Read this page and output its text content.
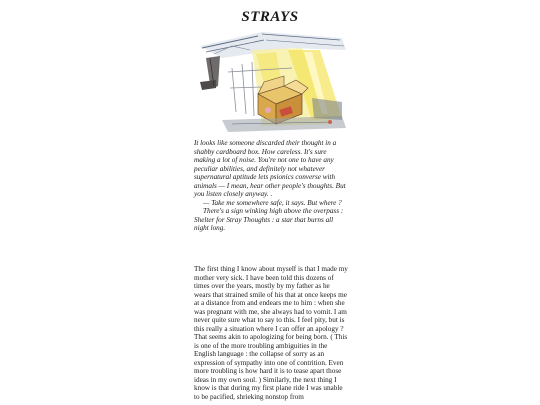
STRAYS

It looks like someone discarded their thought in a shabby cardboard box. How careless. It's sure making a lot of noise. You're not one to have any peculiar abilities, and definitely not whatever supernatural aptitude lets psionics converse with animals — I mean, hear other people's thoughts. But you listen closely anyway. .

— Take me somewhere safe, it says. But where ?

There's a sign winking high above the overpass : Shelter for Stray Thoughts : a star that burns all night long.

The first thing I know about myself is that I made my mother very sick. I have been told this dozens of times over the years, mostly by my father as he wears that strained smile of his that at once keeps me at a distance from and endears me to him : when she was pregnant with me, she always had to vomit. I am never quite sure what to say to this. I feel pity, but is this really a situation where I can offer an apology ? That seems akin to apologizing for being born. ( This is one of the more troubling ambiguities in the English language : the collapse of sorry as an expression of sympathy into one of contrition. Even more troubling is how hard it is to tease apart those ideas in my own soul. ) Similarly, the next thing I know is that during my first plane ride I was unable to be pacified, shrieking nonstop from
